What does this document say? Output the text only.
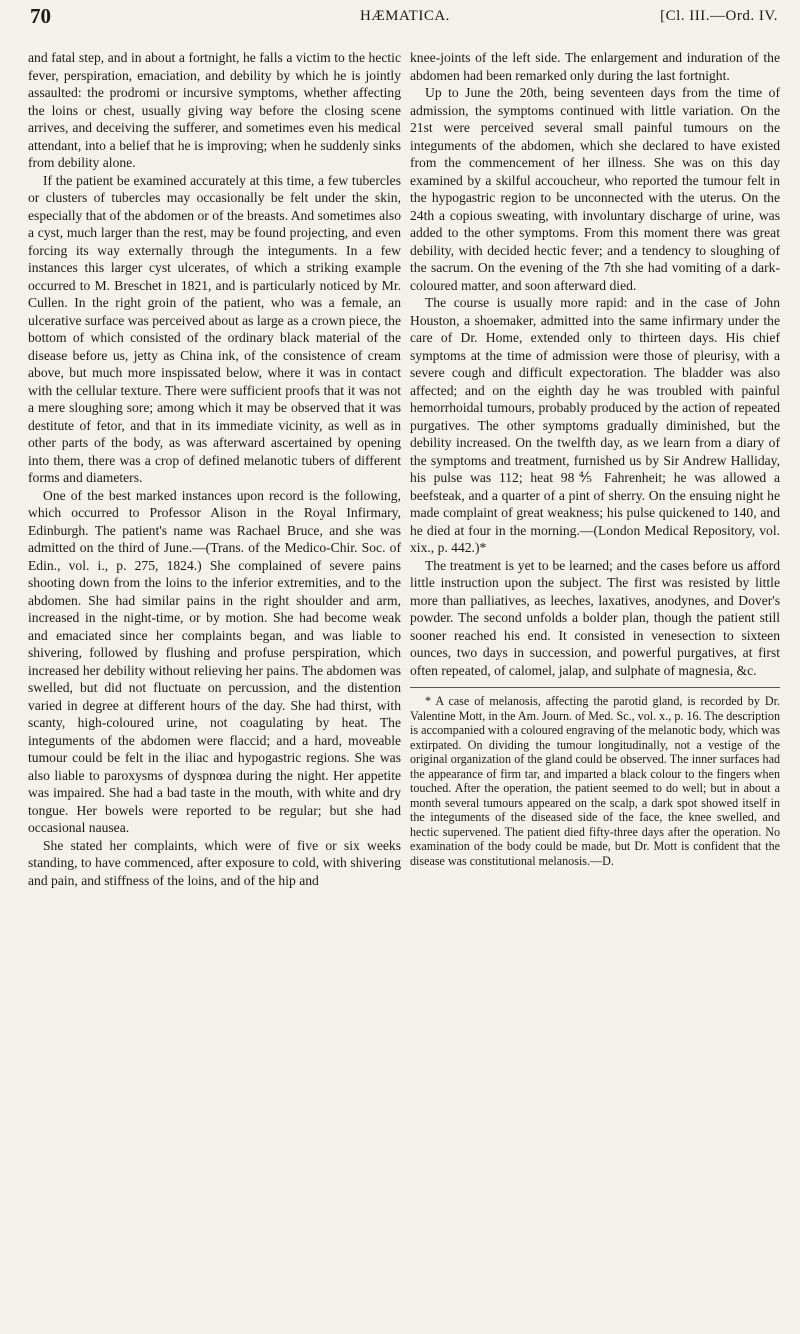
70	HÆMATICA.	[Cl. III.—Ord. IV.

and fatal step, and in about a fortnight, he falls a victim to the hectic fever, perspiration, emaciation, and debility by which he is jointly assaulted: the prodromi or incursive symptoms, whether affecting the loins or chest, usually giving way before the closing scene arrives, and deceiving the sufferer, and sometimes even his medical attendant, into a belief that he is improving; when he suddenly sinks from debility alone.

If the patient be examined accurately at this time, a few tubercles or clusters of tubercles may occasionally be felt under the skin, especially that of the abdomen or of the breasts. And sometimes also a cyst, much larger than the rest, may be found projecting, and even forcing its way externally through the integuments. In a few instances this larger cyst ulcerates, of which a striking example occurred to M. Breschet in 1821, and is particularly noticed by Mr. Cullen. In the right groin of the patient, who was a female, an ulcerative surface was perceived about as large as a crown piece, the bottom of which consisted of the ordinary black material of the disease before us, jetty as China ink, of the consistence of cream above, but much more inspissated below, where it was in contact with the cellular texture. There were sufficient proofs that it was not a mere sloughing sore; among which it may be observed that it was destitute of fetor, and that in its immediate vicinity, as well as in other parts of the body, as was afterward ascertained by opening into them, there was a crop of defined melanotic tubers of different forms and diameters.

One of the best marked instances upon record is the following, which occurred to Professor Alison in the Royal Infirmary, Edinburgh. The patient's name was Rachael Bruce, and she was admitted on the third of June.—(Trans. of the Medico-Chir. Soc. of Edin., vol. i., p. 275, 1824.) She complained of severe pains shooting down from the loins to the inferior extremities, and to the abdomen. She had similar pains in the right shoulder and arm, increased in the night-time, or by motion. She had become weak and emaciated since her complaints began, and was liable to shivering, followed by flushing and profuse perspiration, which increased her debility without relieving her pains. The abdomen was swelled, but did not fluctuate on percussion, and the distention varied in degree at different hours of the day. She had thirst, with scanty, high-coloured urine, not coagulating by heat. The integuments of the abdomen were flaccid; and a hard, moveable tumour could be felt in the iliac and hypogastric regions. She was also liable to paroxysms of dyspnœa during the night. Her appetite was impaired. She had a bad taste in the mouth, with white and dry tongue. Her bowels were reported to be regular; but she had occasional nausea.

She stated her complaints, which were of five or six weeks standing, to have commenced, after exposure to cold, with shivering and pain, and stiffness of the loins, and of the hip and

knee-joints of the left side. The enlargement and induration of the abdomen had been remarked only during the last fortnight.

Up to June the 20th, being seventeen days from the time of admission, the symptoms continued with little variation. On the 21st were perceived several small painful tumours on the integuments of the abdomen, which she declared to have existed from the commencement of her illness. She was on this day examined by a skilful accoucheur, who reported the tumour felt in the hypogastric region to be unconnected with the uterus. On the 24th a copious sweating, with involuntary discharge of urine, was added to the other symptoms. From this moment there was great debility, with decided hectic fever; and a tendency to sloughing of the sacrum. On the evening of the 7th she had vomiting of a dark-coloured matter, and soon afterward died.

The course is usually more rapid: and in the case of John Houston, a shoemaker, admitted into the same infirmary under the care of Dr. Home, extended only to thirteen days. His chief symptoms at the time of admission were those of pleurisy, with a severe cough and difficult expectoration. The bladder was also affected; and on the eighth day he was troubled with painful hemorrhoidal tumours, probably produced by the action of repeated purgatives. The other symptoms gradually diminished, but the debility increased. On the twelfth day, as we learn from a diary of the symptoms and treatment, furnished us by Sir Andrew Halliday, his pulse was 112; heat 98⅘ Fahrenheit; he was allowed a beefsteak, and a quarter of a pint of sherry. On the ensuing night he made complaint of great weakness; his pulse quickened to 140, and he died at four in the morning.—(London Medical Repository, vol. xix., p. 442.)*

The treatment is yet to be learned; and the cases before us afford little instruction upon the subject. The first was resisted by little more than palliatives, as leeches, laxatives, anodynes, and Dover's powder. The second unfolds a bolder plan, though the patient still sooner reached his end. It consisted in venesection to sixteen ounces, two days in succession, and powerful purgatives, at first often repeated, of calomel, jalap, and sulphate of magnesia, &c.

* A case of melanosis, affecting the parotid gland, is recorded by Dr. Valentine Mott, in the Am. Journ. of Med. Sc., vol. x., p. 16. The description is accompanied with a coloured engraving of the melanotic body, which was extirpated. On dividing the tumour longitudinally, not a vestige of the original organization of the gland could be observed. The inner surfaces had the appearance of firm tar, and imparted a black colour to the fingers when touched. After the operation, the patient seemed to do well; but in about a month several tumours appeared on the scalp, a dark spot showed itself in the integuments of the diseased side of the face, the knee swelled, and hectic supervened. The patient died fifty-three days after the operation. No examination of the body could be made, but Dr. Mott is confident that the disease was constitutional melanosis.—D.
